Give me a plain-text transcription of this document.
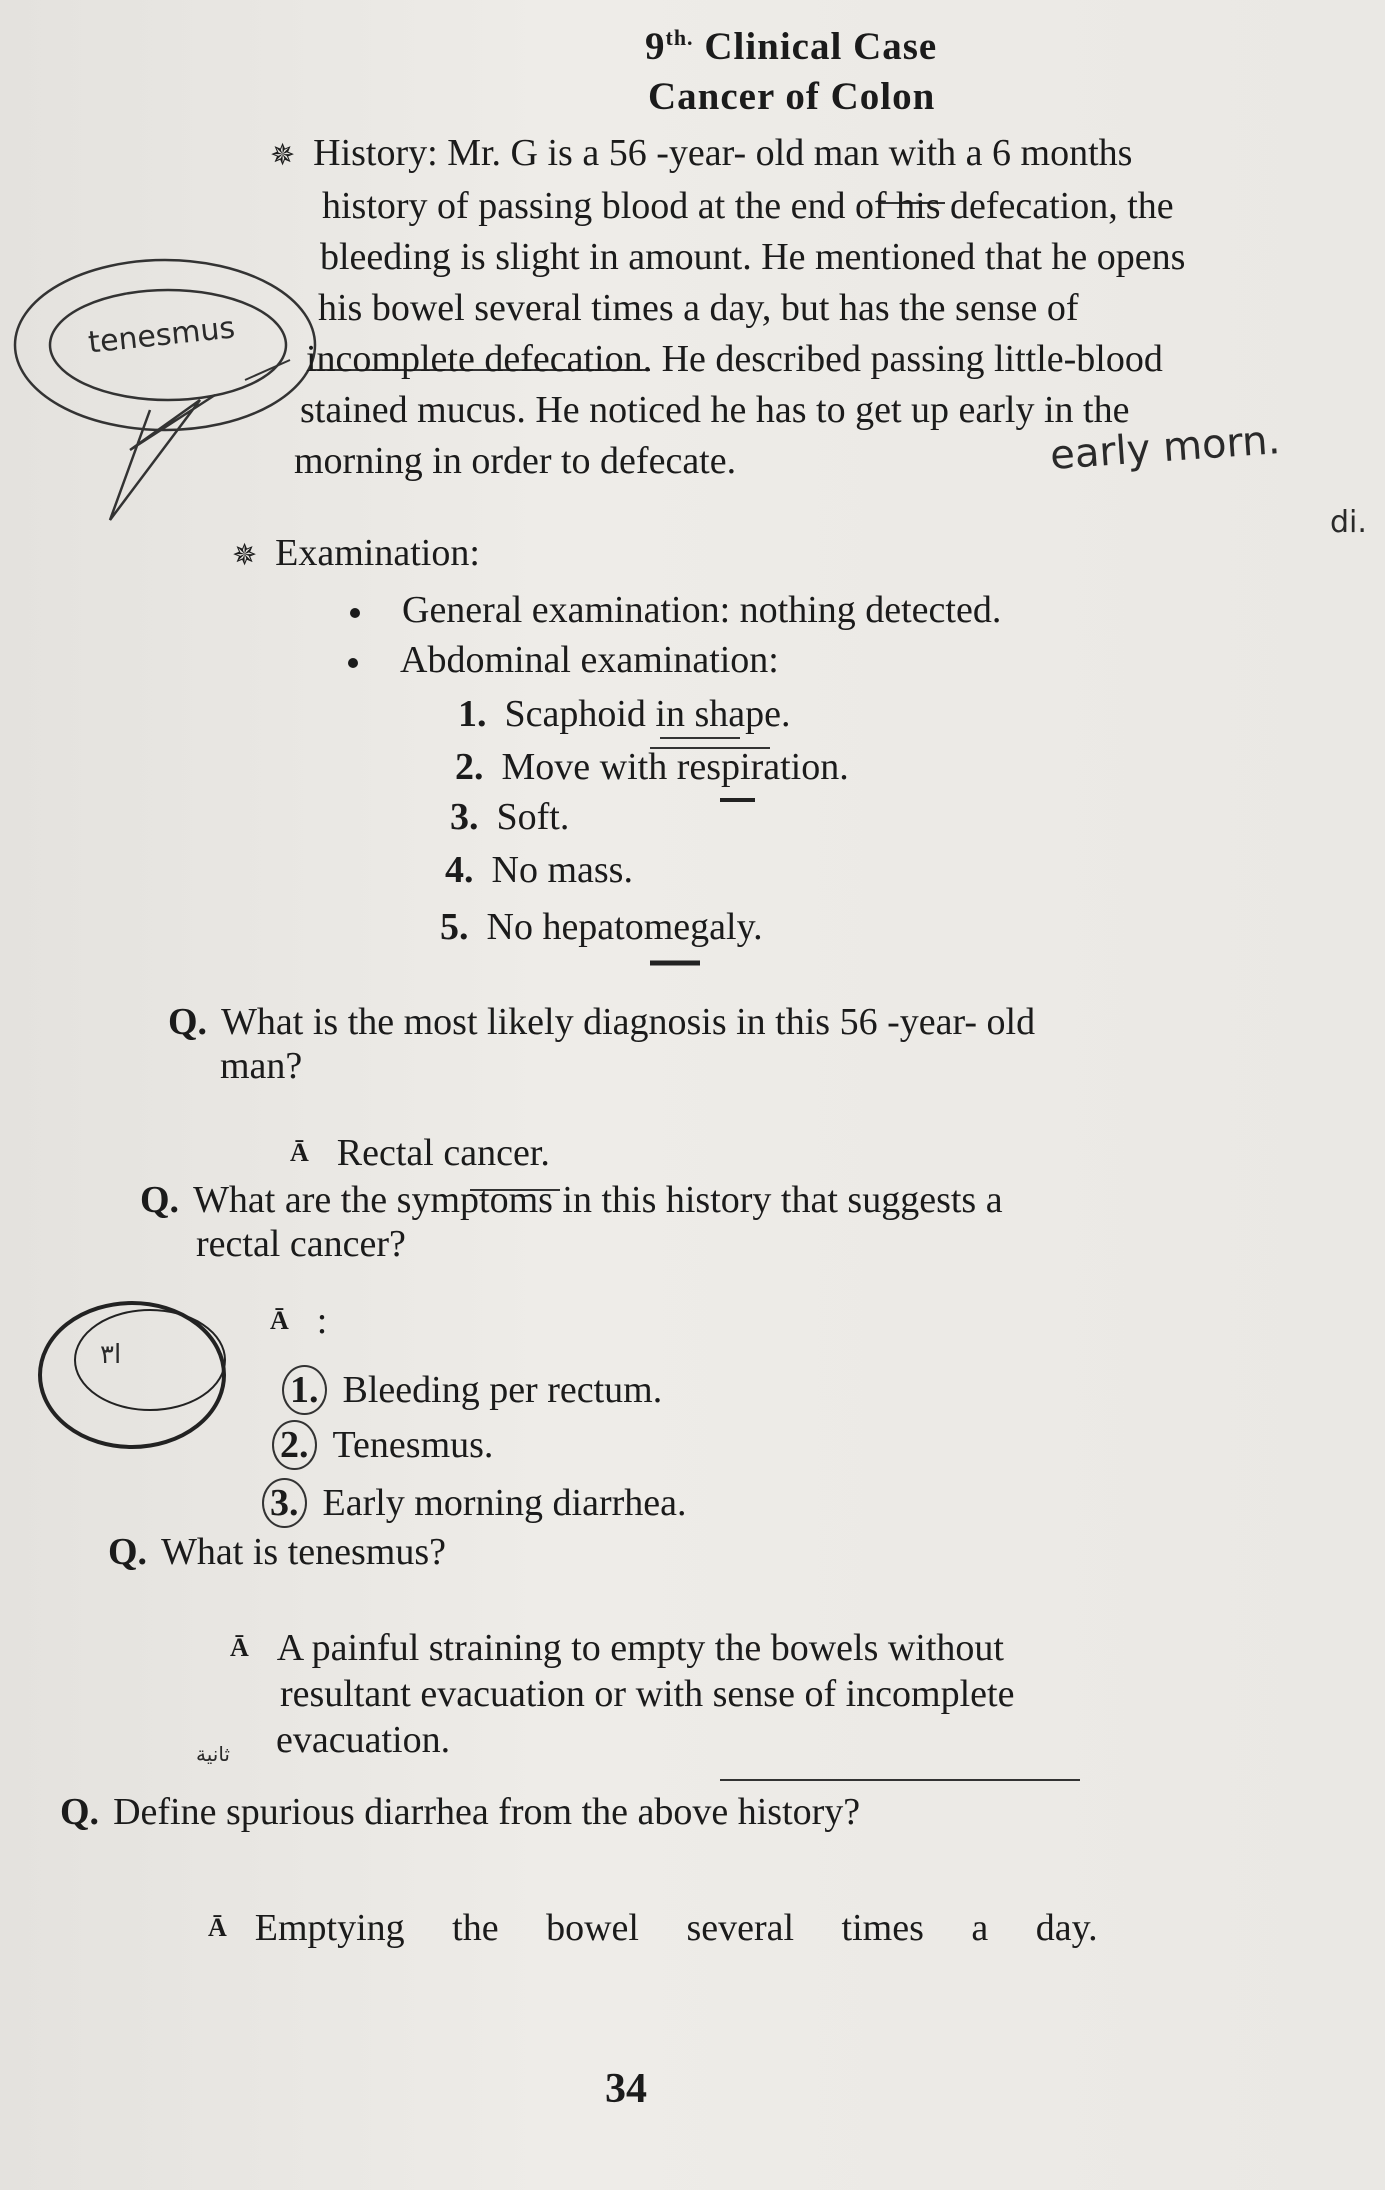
$9^{th.}$ Clinical Case
Cancer of Colon
✵ History: Mr. G is a 56 -year- old man with a 6 months
history of passing blood at the end of his defecation, the
bleeding is slight in amount. He mentioned that he opens
his bowel several times a day, but has the sense of
incomplete defecation. He described passing little-blood
stained mucus. He noticed he has to get up early in the
morning in order to defecate.
✵ Examination:
General examination: nothing detected.
Abdominal examination:
1. Scaphoid in shape.
2. Move with respiration.
3. Soft.
4. No mass.
5. No hepatomegaly.
Q. What is the most likely diagnosis in this 56 -year- old
man?
Ā Rectal cancer.
Q. What are the symptoms in this history that suggests a
rectal cancer?
Ā :
1. Bleeding per rectum.
2. Tenesmus.
3. Early morning diarrhea.
Q. What is tenesmus?
Ā A painful straining to empty the bowels without
resultant evacuation or with sense of incomplete
evacuation.
Q. Define spurious diarrhea from the above history?
Ā Emptying the bowel several times a day.
tenesmus
early morn.
di.
ا۳
ثانية
34
